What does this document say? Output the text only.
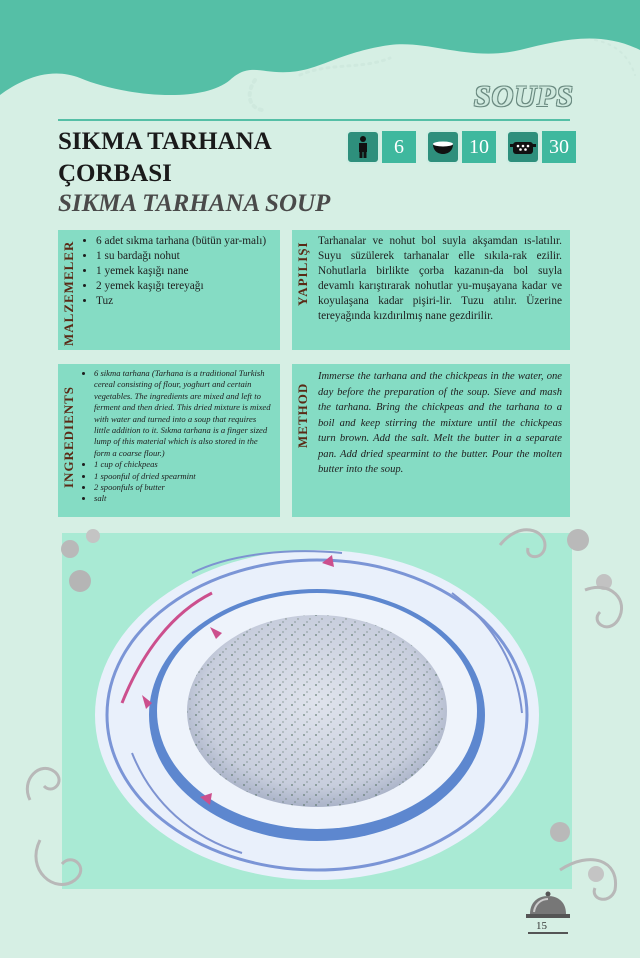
SOUPS
SIKMA TARHANA ÇORBASI
SIKMA TARHANA SOUP
6	10	30
MALZEMELER
• 6 adet sıkma tarhana (bütün yar-malı)
• 1 su bardağı nohut
• 1 yemek kaşığı nane
• 2 yemek kaşığı tereyağı
• Tuz	YAPILIŞI
Tarhanalar ve nohut bol suyla akşamdan ıs-latılır. Suyu süzülerek tarhanalar elle sıkıla-rak ezilir. Nohutlarla birlikte çorba kazanın-da bol suyla devamlı karıştırarak nohutlar yu-muşayana kadar ve koyulaşana kadar pişiri-lir. Tuzu atılır. Üzerine tereyağında kızdırılmış nane gezdirilir.
INGREDIENTS
• 6 sikma tarhana (Tarhana is a traditional Turkish cereal consisting of flour, yoghurt and certain vegetables. The ingredients are mixed and left to ferment and then dried. This dried mixture is mixed with water and turned into a soup that requires little addition to it. Sıkma tarhana is a finger sized lump of this material which is also stored in the form a coarse flour.)
• 1 cup of chickpeas
• 1 spoonful of dried spearmint
• 2 spoonfuls of butter
• salt
METHOD
Immerse the tarhana and the chickpeas in the water, one day before the preparation of the soup. Sieve and mash the tarhana. Bring the chickpeas and the tarhana to a boil and keep stirring the mixture until the chickpeas turn brown. Add the salt. Melt the butter in a separate pan. Add dried spearmint to the butter. Pour the molten butter into the soup.
15
